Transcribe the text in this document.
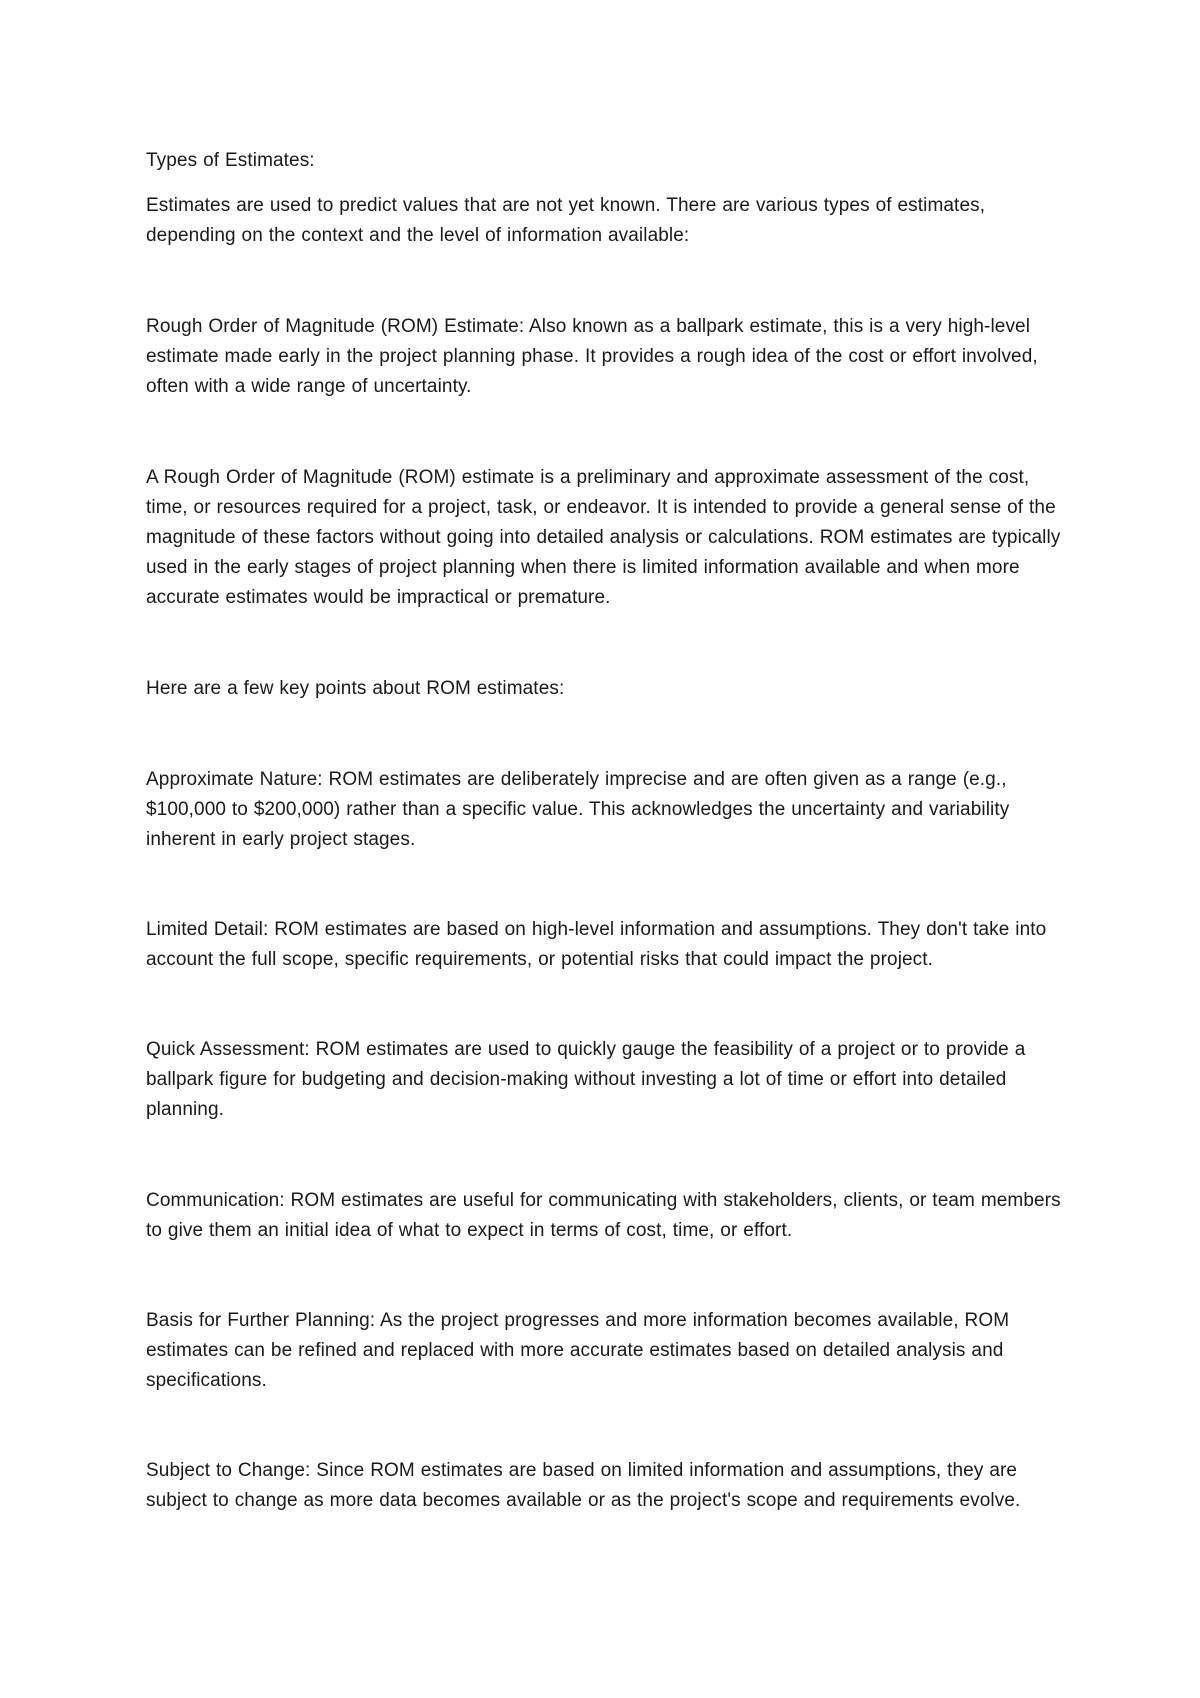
Types of Estimates:

Estimates are used to predict values that are not yet known. There are various types of estimates, depending on the context and the level of information available:

Rough Order of Magnitude (ROM) Estimate: Also known as a ballpark estimate, this is a very high-level estimate made early in the project planning phase. It provides a rough idea of the cost or effort involved, often with a wide range of uncertainty.

A Rough Order of Magnitude (ROM) estimate is a preliminary and approximate assessment of the cost, time, or resources required for a project, task, or endeavor. It is intended to provide a general sense of the magnitude of these factors without going into detailed analysis or calculations. ROM estimates are typically used in the early stages of project planning when there is limited information available and when more accurate estimates would be impractical or premature.

Here are a few key points about ROM estimates:

Approximate Nature: ROM estimates are deliberately imprecise and are often given as a range (e.g., $100,000 to $200,000) rather than a specific value. This acknowledges the uncertainty and variability inherent in early project stages.

Limited Detail: ROM estimates are based on high-level information and assumptions. They don't take into account the full scope, specific requirements, or potential risks that could impact the project.

Quick Assessment: ROM estimates are used to quickly gauge the feasibility of a project or to provide a ballpark figure for budgeting and decision-making without investing a lot of time or effort into detailed planning.

Communication: ROM estimates are useful for communicating with stakeholders, clients, or team members to give them an initial idea of what to expect in terms of cost, time, or effort.

Basis for Further Planning: As the project progresses and more information becomes available, ROM estimates can be refined and replaced with more accurate estimates based on detailed analysis and specifications.

Subject to Change: Since ROM estimates are based on limited information and assumptions, they are subject to change as more data becomes available or as the project's scope and requirements evolve.
